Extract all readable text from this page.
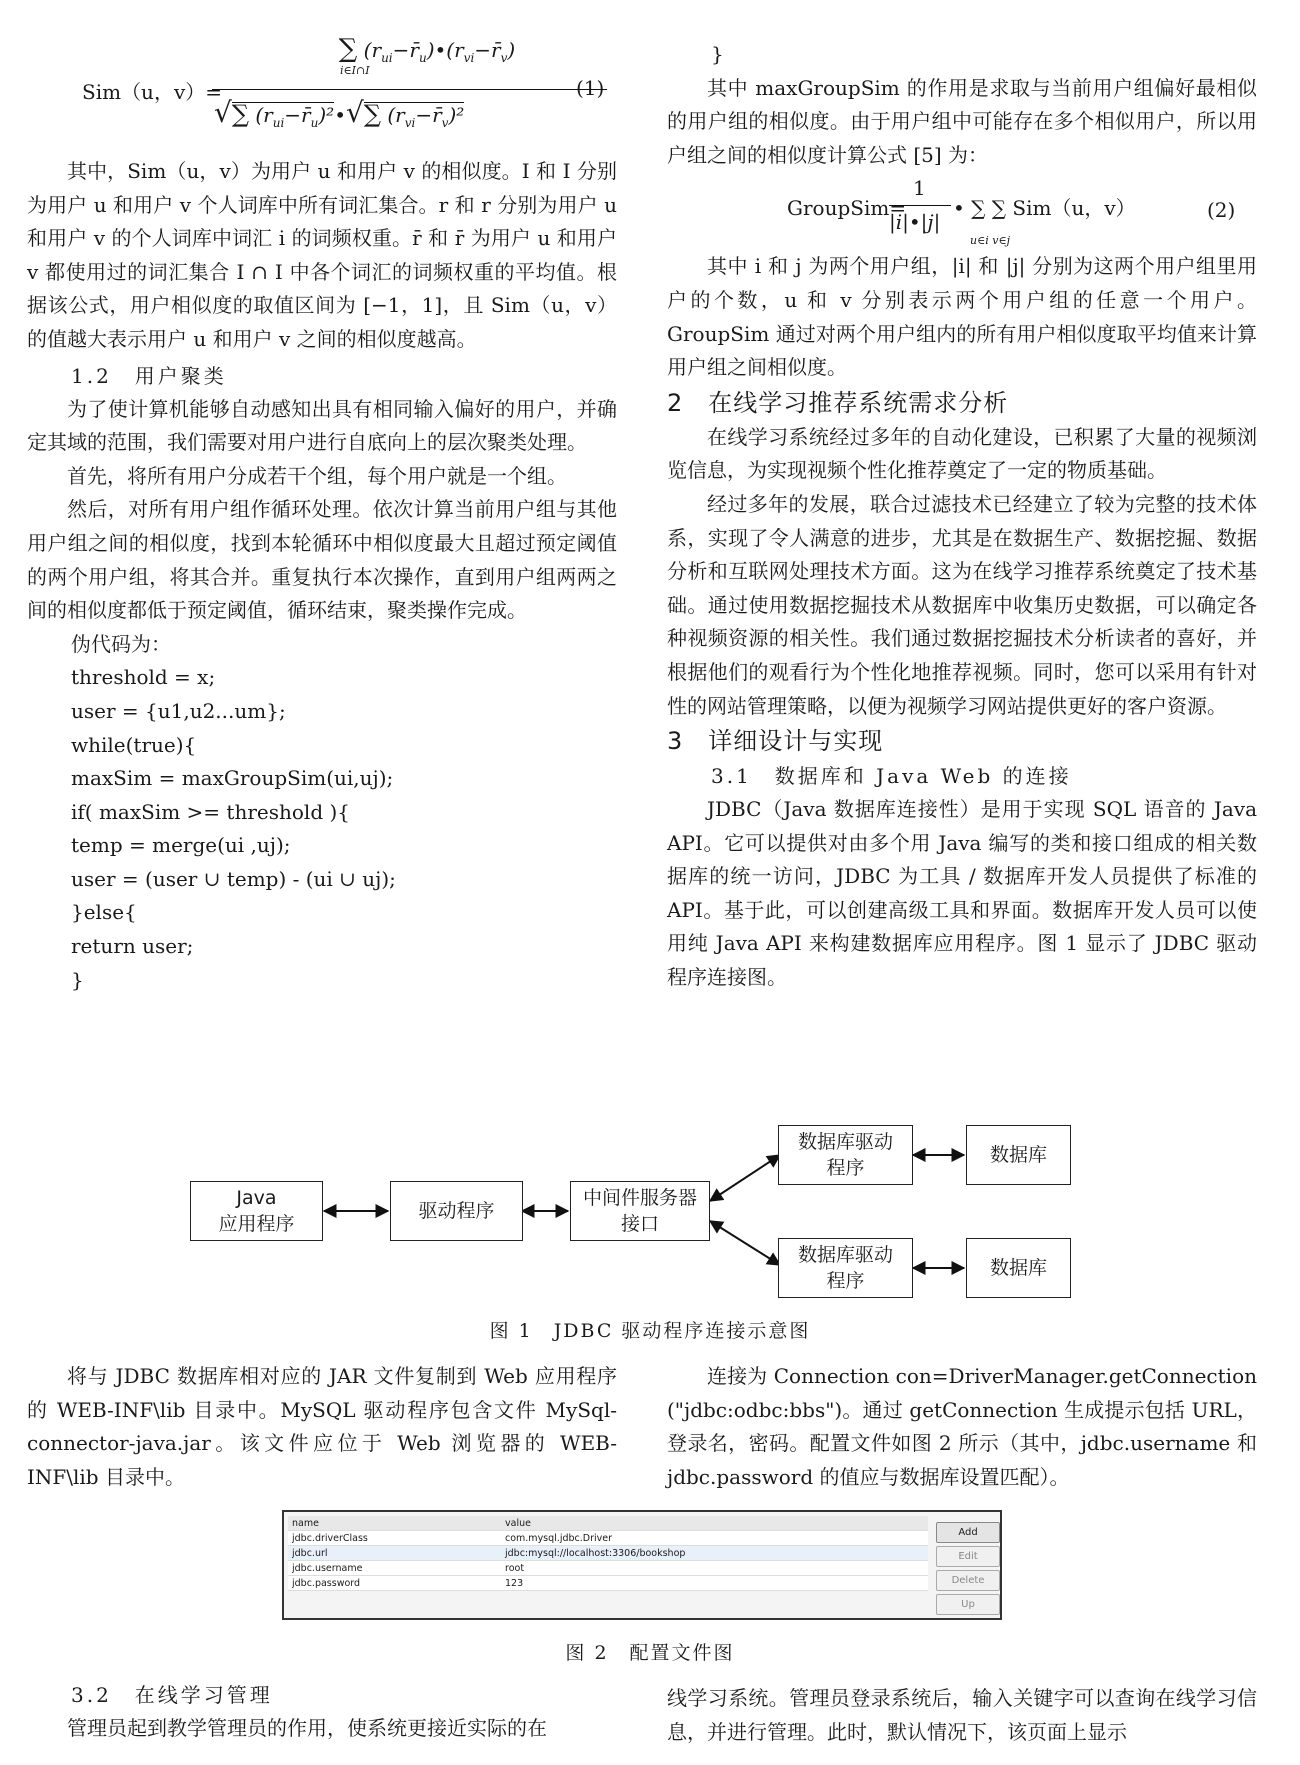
Sim（u，v）=
∑ $(r_{ui}-r̄_u)•(r_{vi}-r̄_v)$
i∈I∩I
√∑ $(r_{ui}-r̄_u)^2•√\sum$ $(r_{vi}-r̄_v)^2$
(1)

其中，Sim（u，v）为用户 u 和用户 v 的相似度。I 和 I 分别为用户 u 和用户 v 个人词库中所有词汇集合。r 和 r 分别为用户 u 和用户 v 的个人词库中词汇 i 的词频权重。r̄ 和 r̄ 为用户 u 和用户 v 都使用过的词汇集合 I ∩ I 中各个词汇的词频权重的平均值。根据该公式，用户相似度的取值区间为 [−1，1]，且 Sim（u，v）的值越大表示用户 u 和用户 v 之间的相似度越高。

1.2　用户聚类

为了使计算机能够自动感知出具有相同输入偏好的用户，并确定其域的范围，我们需要对用户进行自底向上的层次聚类处理。

首先，将所有用户分成若干个组，每个用户就是一个组。

然后，对所有用户组作循环处理。依次计算当前用户组与其他用户组之间的相似度，找到本轮循环中相似度最大且超过预定阈值的两个用户组，将其合并。重复执行本次操作，直到用户组两两之间的相似度都低于预定阈值，循环结束，聚类操作完成。

伪代码为：

threshold = x;

user = {u1,u2...um};

while(true){

maxSim = maxGroupSim(ui,uj);

if( maxSim >= threshold ){

temp = merge(ui ,uj);

user = (user ∪ temp) - (ui ∪ uj);

}else{

return user;

}

}

其中 maxGroupSim 的作用是求取与当前用户组偏好最相似的用户组的相似度。由于用户组中可能存在多个相似用户，所以用户组之间的相似度计算公式 [5] 为：

GroupSim=
1
|i|•|j|
• ∑ ∑ Sim（u，v）
u∈i v∈j
(2)

其中 i 和 j 为两个用户组，|i| 和 |j| 分别为这两个用户组里用户的个数，u 和 v 分别表示两个用户组的任意一个用户。GroupSim 通过对两个用户组内的所有用户相似度取平均值来计算用户组之间相似度。

2　在线学习推荐系统需求分析

在线学习系统经过多年的自动化建设，已积累了大量的视频浏览信息，为实现视频个性化推荐奠定了一定的物质基础。

经过多年的发展，联合过滤技术已经建立了较为完整的技术体系，实现了令人满意的进步，尤其是在数据生产、数据挖掘、数据分析和互联网处理技术方面。这为在线学习推荐系统奠定了技术基础。通过使用数据挖掘技术从数据库中收集历史数据，可以确定各种视频资源的相关性。我们通过数据挖掘技术分析读者的喜好，并根据他们的观看行为个性化地推荐视频。同时，您可以采用有针对性的网站管理策略，以便为视频学习网站提供更好的客户资源。

3　详细设计与实现

3.1　数据库和 Java Web 的连接

JDBC（Java 数据库连接性）是用于实现 SQL 语音的 Java API。它可以提供对由多个用 Java 编写的类和接口组成的相关数据库的统一访问，JDBC 为工具 / 数据库开发人员提供了标准的 API。基于此，可以创建高级工具和界面。数据库开发人员可以使用纯 Java API 来构建数据库应用程序。图 1 显示了 JDBC 驱动程序连接图。

Java
应用程序
驱动程序
中间件服务器
接口
数据库驱动
程序
数据库驱动
程序
数据库
数据库
图 1　JDBC 驱动程序连接示意图

将与 JDBC 数据库相对应的 JAR 文件复制到 Web 应用程序的 WEB-INF\lib 目录中。MySQL 驱动程序包含文件 MySql-connector-java.jar。该文件应位于 Web 浏览器的 WEB-INF\lib 目录中。

连接为 Connection con=DriverManager.getConnection("jdbc:odbc:bbs")。通过 getConnection 生成提示包括 URL，登录名，密码。配置文件如图 2 所示（其中，jdbc.username 和 jdbc.password 的值应与数据库设置匹配）。

name	value
jdbc.driverClass	com.mysql.jdbc.Driver
jdbc.url	jdbc:mysql://localhost:3306/bookshop
jdbc.username	root
jdbc.password	123
Add
Edit
Delete
Up
图 2　配置文件图

3.2　在线学习管理

管理员起到教学管理员的作用，使系统更接近实际的在

线学习系统。管理员登录系统后，输入关键字可以查询在线学习信息，并进行管理。此时，默认情况下，该页面上显示
